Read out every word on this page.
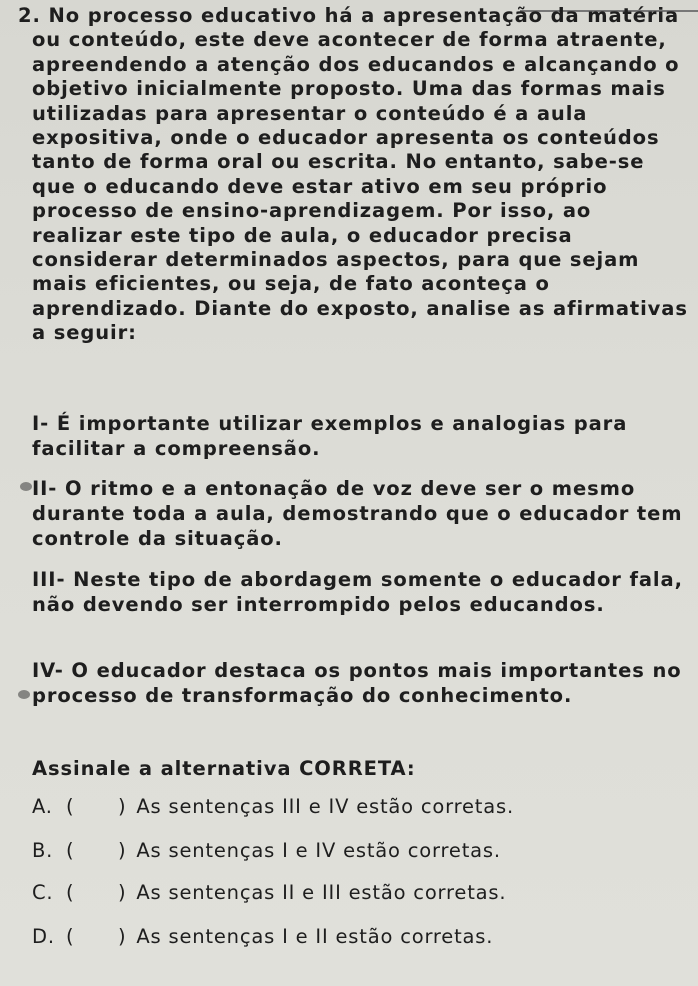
2. No processo educativo há a apresentação da matéria ou conteúdo, este deve acontecer de forma atraente, apreendendo a atenção dos educandos e alcançando o objetivo inicialmente proposto. Uma das formas mais utilizadas para apresentar o conteúdo é a aula expositiva, onde o educador apresenta os conteúdos tanto de forma oral ou escrita. No entanto, sabe-se que o educando deve estar ativo em seu próprio processo de ensino-aprendizagem. Por isso, ao realizar este tipo de aula, o educador precisa considerar determinados aspectos, para que sejam mais eficientes, ou seja, de fato aconteça o aprendizado. Diante do exposto, analise as afirmativas a seguir:

I- É importante utilizar exemplos e analogias para facilitar a compreensão.

II- O ritmo e a entonação de voz deve ser o mesmo durante toda a aula, demostrando que o educador tem controle da situação.

III- Neste tipo de abordagem somente o educador fala, não devendo ser interrompido pelos educandos.

IV- O educador destaca os pontos mais importantes no processo de transformação do conhecimento.

Assinale a alternativa CORRETA:

A. ( ) As sentenças III e IV estão corretas.
B. ( ) As sentenças I e IV estão corretas.
C. ( ) As sentenças II e III estão corretas.
D. ( ) As sentenças I e II estão corretas.
